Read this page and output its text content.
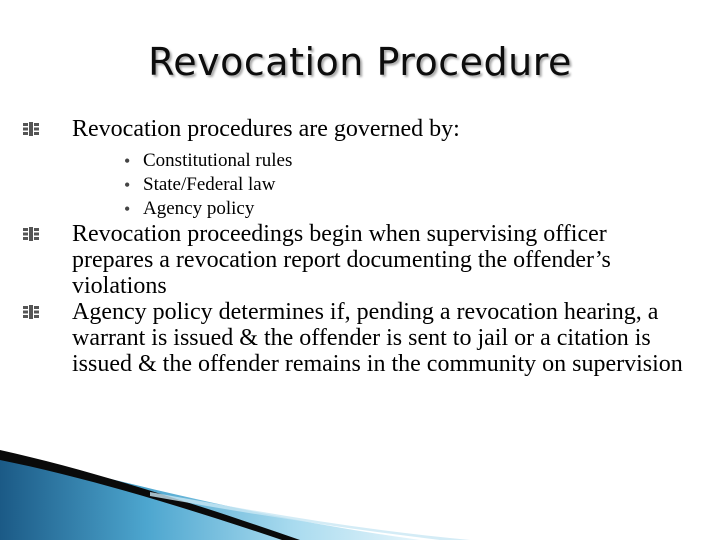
Revocation Procedure
Revocation procedures are governed by:
• Constitutional rules
• State/Federal law
• Agency policy
Revocation proceedings begin when supervising officer prepares a revocation report documenting the offender’s violations
Agency policy determines if, pending a revocation hearing, a warrant is issued & the offender is sent to jail or a citation is issued & the offender remains in the community on supervision
